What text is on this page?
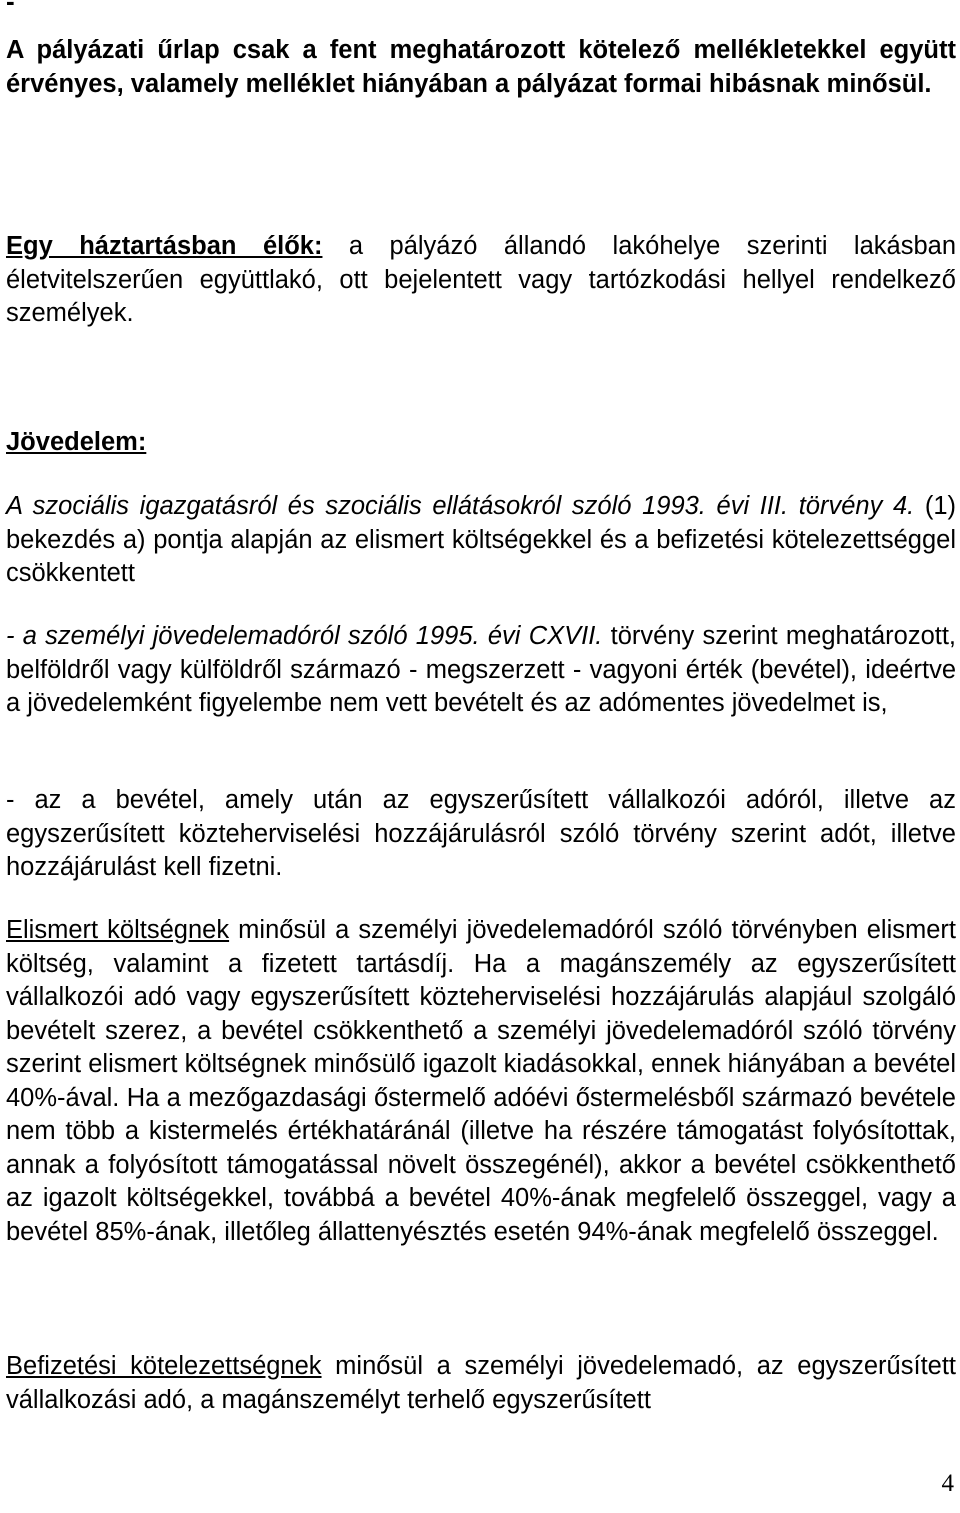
-

A pályázati űrlap csak a fent meghatározott kötelező mellékletekkel együtt érvényes, valamely melléklet hiányában a pályázat formai hibásnak minősül.

Egy háztartásban élők: a pályázó állandó lakóhelye szerinti lakásban életvitelszerűen együttlakó, ott bejelentett vagy tartózkodási hellyel rendelkező személyek.

Jövedelem:

A szociális igazgatásról és szociális ellátásokról szóló 1993. évi III. törvény 4. (1) bekezdés a) pontja alapján az elismert költségekkel és a befizetési kötelezettséggel csökkentett

- a személyi jövedelemadóról szóló 1995. évi CXVII. törvény szerint meghatározott, belföldről vagy külföldről származó - megszerzett - vagyoni érték (bevétel), ideértve a jövedelemként figyelembe nem vett bevételt és az adómentes jövedelmet is,

- az a bevétel, amely után az egyszerűsített vállalkozói adóról, illetve az egyszerűsített közteherviselési hozzájárulásról szóló törvény szerint adót, illetve hozzájárulást kell fizetni.

Elismert költségnek minősül a személyi jövedelemadóról szóló törvényben elismert költség, valamint a fizetett tartásdíj. Ha a magánszemély az egyszerűsített vállalkozói adó vagy egyszerűsített közteherviselési hozzájárulás alapjául szolgáló bevételt szerez, a bevétel csökkenthető a személyi jövedelemadóról szóló törvény szerint elismert költségnek minősülő igazolt kiadásokkal, ennek hiányában a bevétel 40%-ával. Ha a mezőgazdasági őstermelő adóévi őstermelésből származó bevétele nem több a kistermelés értékhatáránál (illetve ha részére támogatást folyósítottak, annak a folyósított támogatással növelt összegénél), akkor a bevétel csökkenthető az igazolt költségekkel, továbbá a bevétel 40%-ának megfelelő összeggel, vagy a bevétel 85%-ának, illetőleg állattenyésztés esetén 94%-ának megfelelő összeggel.

Befizetési kötelezettségnek minősül a személyi jövedelemadó, az egyszerűsített vállalkozási adó, a magánszemélyt terhelő egyszerűsített

4
